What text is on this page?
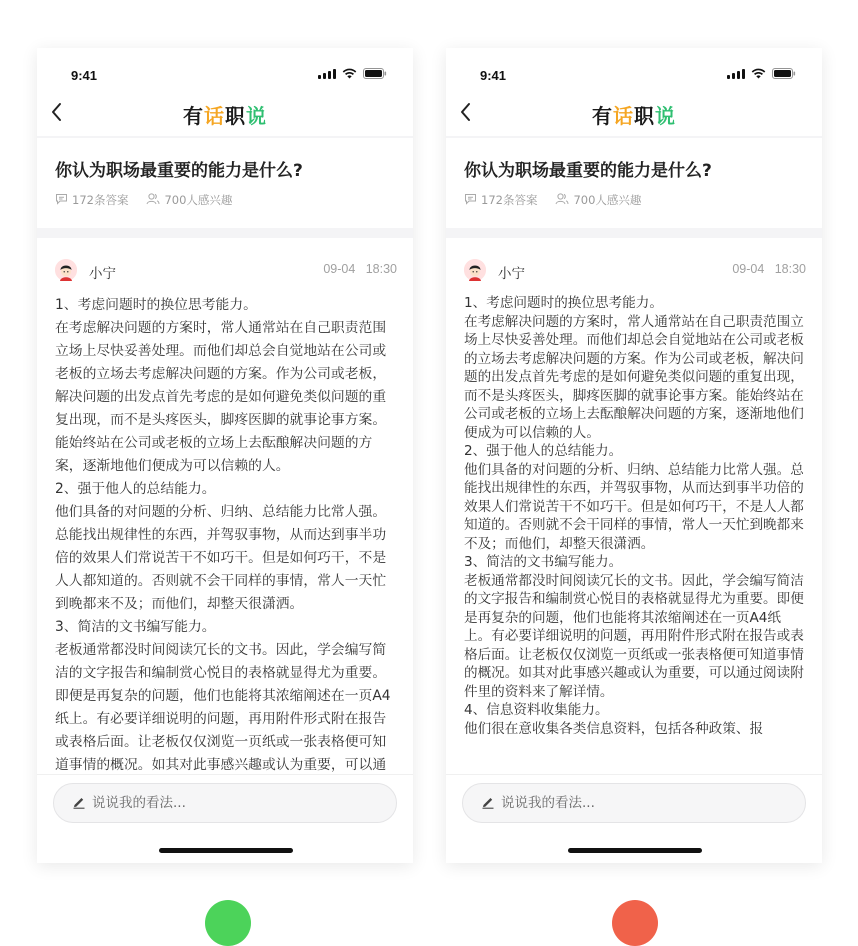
9:41
有话职说
你认为职场最重要的能力是什么?
172条答案	700人感兴趣
小宁	09-04 18:30

1、考虑问题时的换位思考能力。

在考虑解决问题的方案时，常人通常站在自己职责范围立场上尽快妥善处理。而他们却总会自觉地站在公司或老板的立场去考虑解决问题的方案。作为公司或老板，解决问题的出发点首先考虑的是如何避免类似问题的重复出现，而不是头疼医头，脚疼医脚的就事论事方案。能始终站在公司或老板的立场上去酝酿解决问题的方案，逐渐地他们便成为可以信赖的人。

2、强于他人的总结能力。

他们具备的对问题的分析、归纳、总结能力比常人强。总能找出规律性的东西，并驾驭事物，从而达到事半功倍的效果人们常说苦干不如巧干。但是如何巧干，不是人人都知道的。否则就不会干同样的事情，常人一天忙到晚都来不及；而他们，却整天很潇洒。

3、简洁的文书编写能力。

老板通常都没时间阅读冗长的文书。因此，学会编写简洁的文字报告和编制赏心悦目的表格就显得尤为重要。即便是再复杂的问题，他们也能将其浓缩阐述在一页A4纸上。有必要详细说明的问题，再用附件形式附在报告或表格后面。让老板仅仅浏览一页纸或一张表格便可知道事情的概况。如其对此事感兴趣或认为重要，可以通

说说我的看法...
9:41
有话职说
你认为职场最重要的能力是什么?
172条答案	700人感兴趣
小宁	09-04 18:30

1、考虑问题时的换位思考能力。

在考虑解决问题的方案时，常人通常站在自己职责范围立场上尽快妥善处理。而他们却总会自觉地站在公司或老板的立场去考虑解决问题的方案。作为公司或老板，解决问题的出发点首先考虑的是如何避免类似问题的重复出现，而不是头疼医头，脚疼医脚的就事论事方案。能始终站在公司或老板的立场上去酝酿解决问题的方案，逐渐地他们便成为可以信赖的人。

2、强于他人的总结能力。

他们具备的对问题的分析、归纳、总结能力比常人强。总能找出规律性的东西，并驾驭事物，从而达到事半功倍的效果人们常说苦干不如巧干。但是如何巧干，不是人人都知道的。否则就不会干同样的事情，常人一天忙到晚都来不及；而他们，却整天很潇洒。

3、简洁的文书编写能力。

老板通常都没时间阅读冗长的文书。因此，学会编写简洁的文字报告和编制赏心悦目的表格就显得尤为重要。即便是再复杂的问题，他们也能将其浓缩阐述在一页A4纸上。有必要详细说明的问题，再用附件形式附在报告或表格后面。让老板仅仅浏览一页纸或一张表格便可知道事情的概况。如其对此事感兴趣或认为重要，可以通过阅读附件里的资料来了解详情。

4、信息资料收集能力。

他们很在意收集各类信息资料，包括各种政策、报

说说我的看法...
